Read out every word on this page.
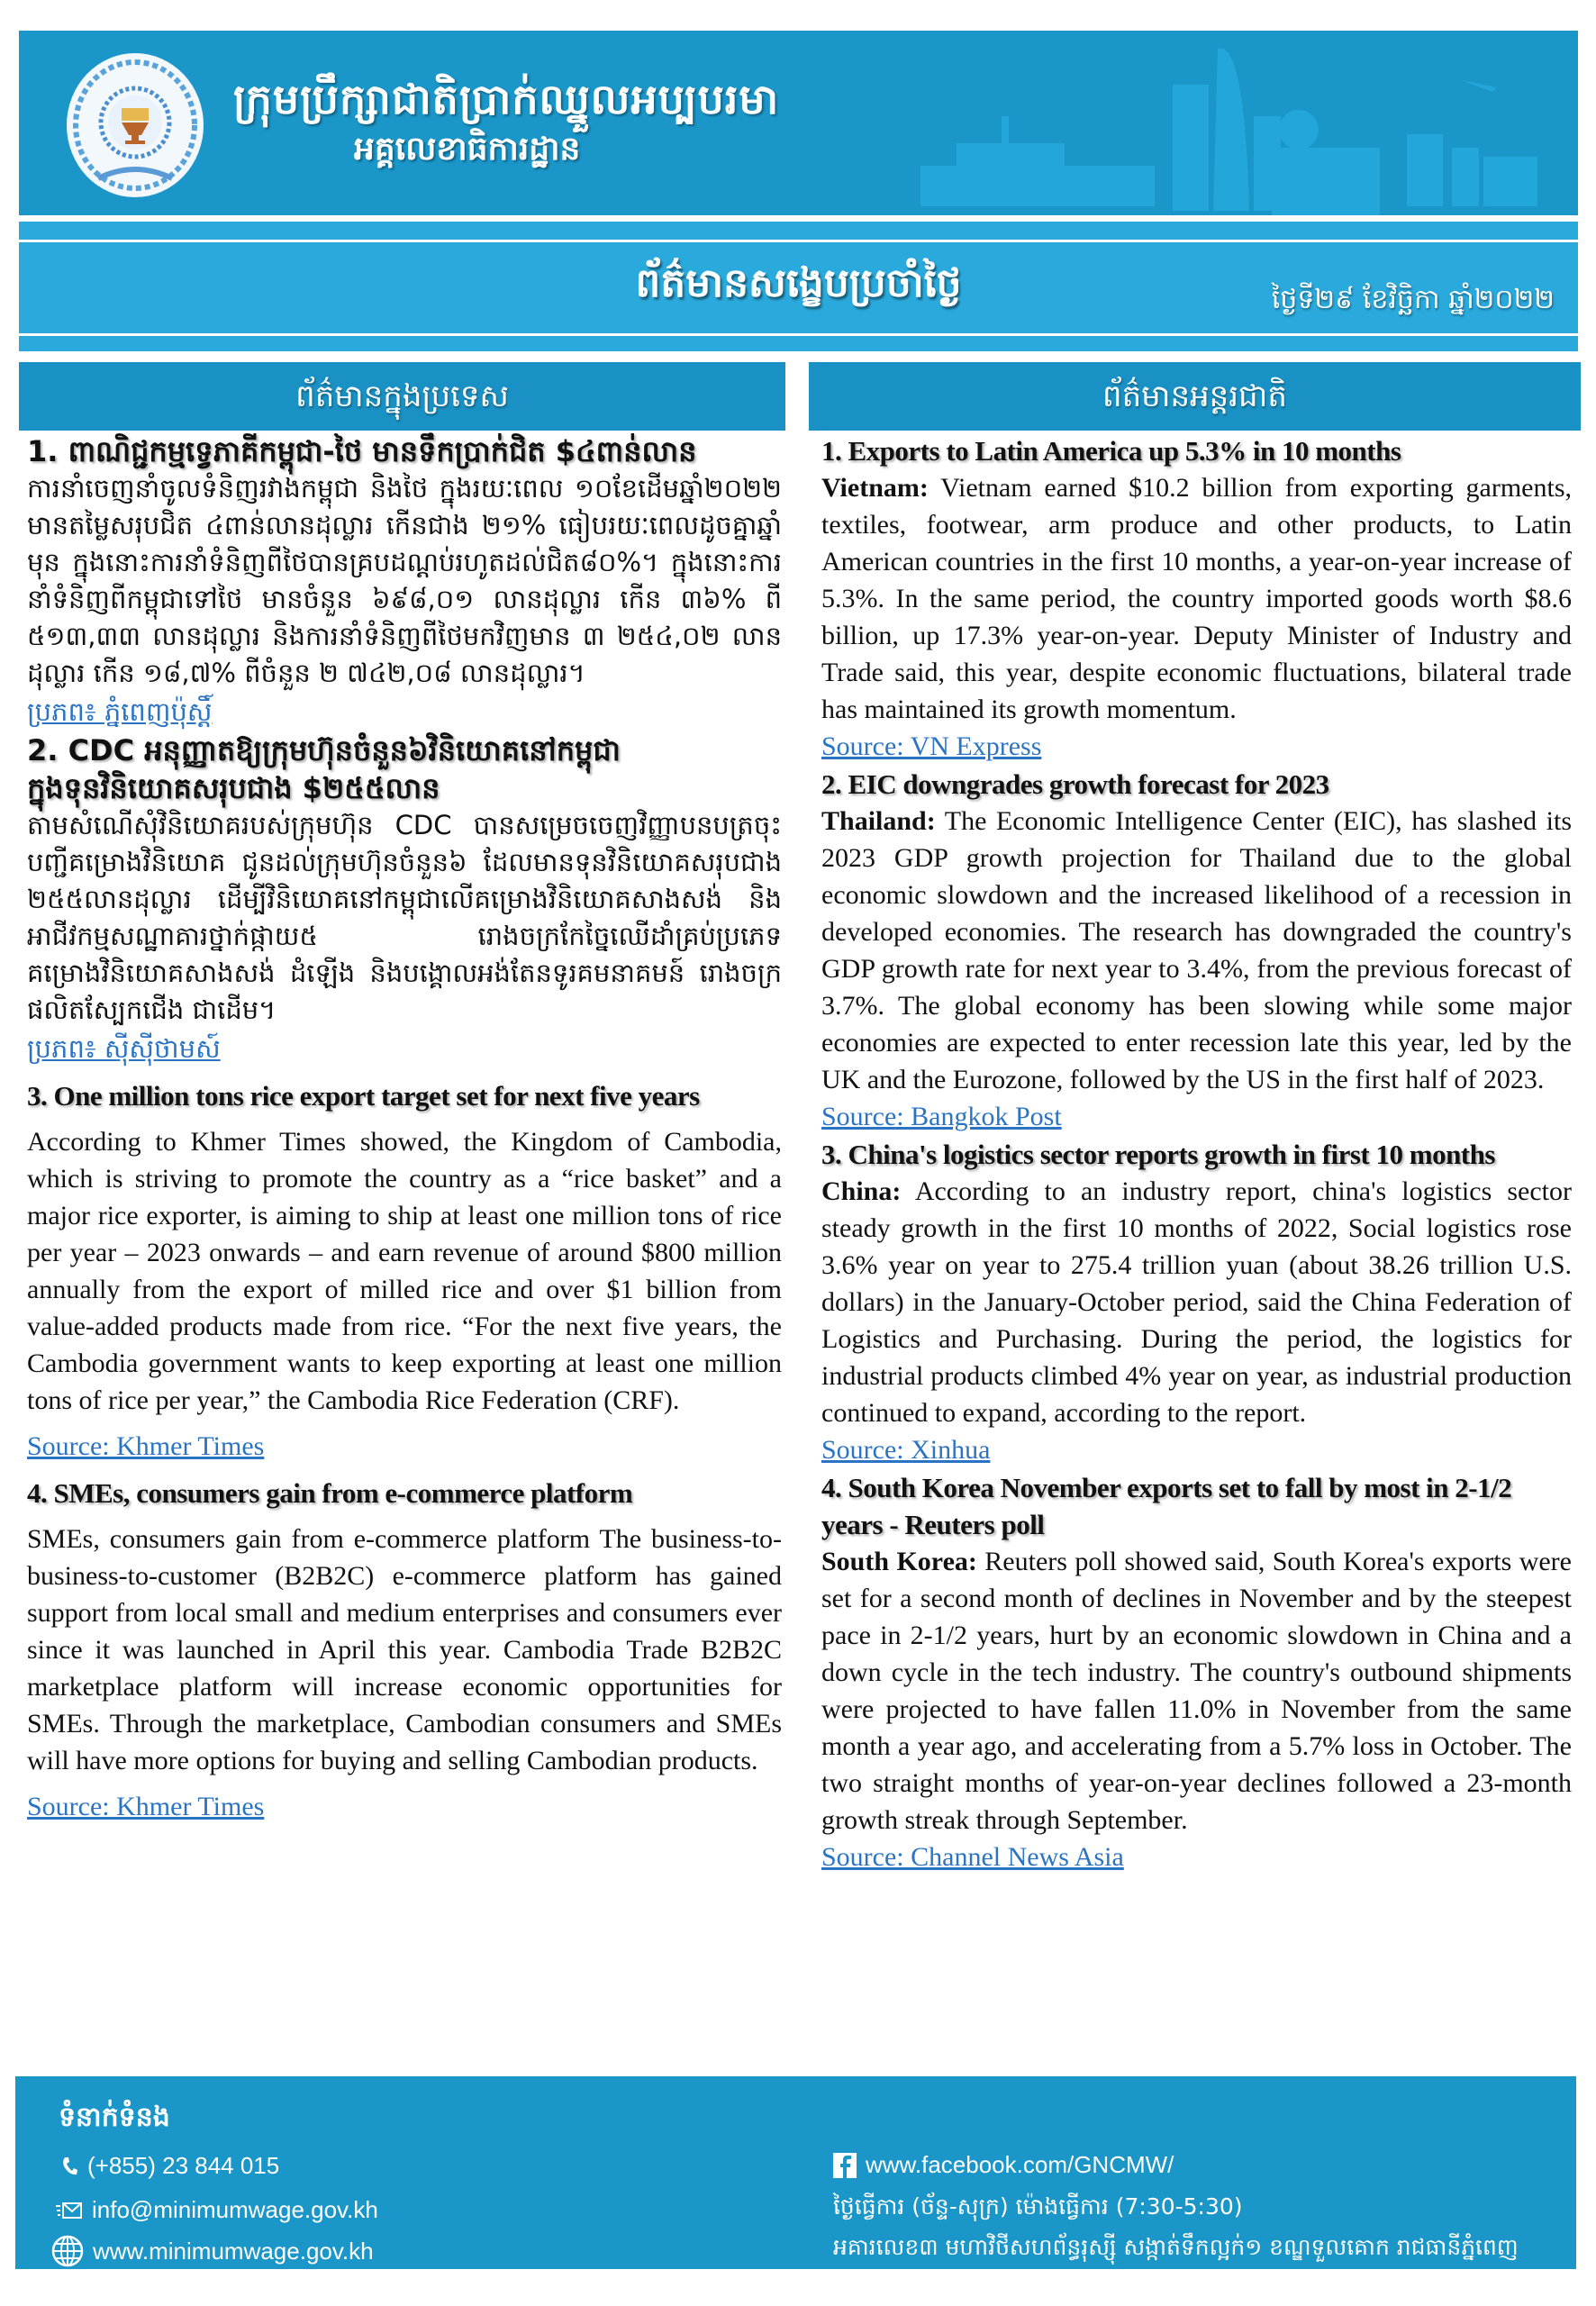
ក្រុមប្រឹក្សាជាតិប្រាក់ឈ្នួលអប្បបរមា
អគ្គលេខាធិការដ្ឋាន
ព័ត៌មានសង្ខេបប្រចាំថ្ងៃ	ថ្ងៃទី២៩ ខែវិច្ឆិកា ឆ្នាំ២០២២
ព័ត៌មានក្នុងប្រទេស	ព័ត៌មានអន្តរជាតិ
1. ពាណិជ្ជកម្មទ្វេភាគីកម្ពុជា-ថៃ មានទឹកប្រាក់ជិត $៤ពាន់លាន
ការនាំចេញនាំចូលទំនិញរវាងកម្ពុជា និងថៃ ក្នុងរយៈពេល ១០ខែដើមឆ្នាំ២០២២ មានតម្លៃសរុបជិត ៤ពាន់លានដុល្លារ កើនជាង ២១% ធៀបរយៈពេលដូចគ្នាឆ្នាំមុន ក្នុងនោះការនាំទំនិញពីថៃបានគ្របដណ្តប់រហូតដល់ជិត៨០%។ ក្នុងនោះការនាំទំនិញពីកម្ពុជាទៅថៃ មានចំនួន ៦៩៨,០១ លានដុល្លារ កើន ៣៦% ពី ៥១៣,៣៣ លានដុល្លារ និងការនាំទំនិញពីថៃមកវិញមាន ៣ ២៥៤,០២ លានដុល្លារ កើន ១៨,៧% ពីចំនួន ២ ៧៤២,០៨ លានដុល្លារ។
ប្រភព៖ ភ្នំពេញប៉ុស្តិ៍
2. CDC អនុញ្ញាតឱ្យក្រុមហ៊ុនចំនួន៦វិនិយោគនៅកម្ពុជាក្នុងទុនវិនិយោគសរុបជាង $២៥៥លាន
តាមសំណើសុំវិនិយោគរបស់ក្រុមហ៊ុន CDC បានសម្រេចចេញវិញ្ញាបនបត្រចុះបញ្ជីគម្រោងវិនិយោគ ជូនដល់ក្រុមហ៊ុនចំនួន៦ ដែលមានទុនវិនិយោគសរុបជាង ២៥៥លានដុល្លារ ដើម្បីវិនិយោគនៅកម្ពុជាលើគម្រោងវិនិយោគសាងសង់ និងអាជីវកម្មសណ្ឋាគារថ្នាក់ផ្កាយ៥ រោងចក្រកែច្នៃឈើដាំគ្រប់ប្រភេទ គម្រោងវិនិយោគសាងសង់ ដំឡើង និងបង្គោលអង់តែនទូរគមនាគមន៍ រោងចក្រផលិតស្បែកជើង ជាដើម។
ប្រភព៖ ស៊ីស៊ីថាមស៍
3. One million tons rice export target set for next five years
According to Khmer Times showed, the Kingdom of Cambodia, which is striving to promote the country as a “rice basket” and a major rice exporter, is aiming to ship at least one million tons of rice per year – 2023 onwards – and earn revenue of around $800 million annually from the export of milled rice and over $1 billion from value-added products made from rice. “For the next five years, the Cambodia government wants to keep exporting at least one million tons of rice per year,” the Cambodia Rice Federation (CRF).
Source: Khmer Times
4. SMEs, consumers gain from e-commerce platform
SMEs, consumers gain from e-commerce platform The business-to-business-to-customer (B2B2C) e-commerce platform has gained support from local small and medium enterprises and consumers ever since it was launched in April this year. Cambodia Trade B2B2C marketplace platform will increase economic opportunities for SMEs. Through the marketplace, Cambodian consumers and SMEs will have more options for buying and selling Cambodian products.
Source: Khmer Times
1. Exports to Latin America up 5.3% in 10 months
Vietnam: Vietnam earned $10.2 billion from exporting garments, textiles, footwear, arm produce and other products, to Latin American countries in the first 10 months, a year-on-year increase of 5.3%. In the same period, the country imported goods worth $8.6 billion, up 17.3% year-on-year. Deputy Minister of Industry and Trade said, this year, despite economic fluctuations, bilateral trade has maintained its growth momentum.
Source: VN Express
2. EIC downgrades growth forecast for 2023
Thailand: The Economic Intelligence Center (EIC), has slashed its 2023 GDP growth projection for Thailand due to the global economic slowdown and the increased likelihood of a recession in developed economies. The research has downgraded the country's GDP growth rate for next year to 3.4%, from the previous forecast of 3.7%. The global economy has been slowing while some major economies are expected to enter recession late this year, led by the UK and the Eurozone, followed by the US in the first half of 2023.
Source: Bangkok Post
3. China's logistics sector reports growth in first 10 months
China: According to an industry report, china's logistics sector steady growth in the first 10 months of 2022, Social logistics rose 3.6% year on year to 275.4 trillion yuan (about 38.26 trillion U.S. dollars) in the January-October period, said the China Federation of Logistics and Purchasing. During the period, the logistics for industrial products climbed 4% year on year, as industrial production continued to expand, according to the report.
Source: Xinhua
4. South Korea November exports set to fall by most in 2-1/2 years - Reuters poll
South Korea: Reuters poll showed said, South Korea's exports were set for a second month of declines in November and by the steepest pace in 2-1/2 years, hurt by an economic slowdown in China and a down cycle in the tech industry. The country's outbound shipments were projected to have fallen 11.0% in November from the same month a year ago, and accelerating from a 5.7% loss in October. The two straight months of year-on-year declines followed a 23-month growth streak through September.
Source: Channel News Asia
ទំនាក់ទំនង
(+855) 23 844 015
info@minimumwage.gov.kh
www.minimumwage.gov.kh
www.facebook.com/GNCMW/
ថ្ងៃធ្វើការ (ច័ន្ទ-សុក្រ) ម៉ោងធ្វើការ (7:30-5:30)
អគារលេខ៣ មហាវិថីសហព័ន្ធរុស្ស៊ី សង្កាត់ទឹកល្អក់១ ខណ្ឌទួលគោក រាជធានីភ្នំពេញ
